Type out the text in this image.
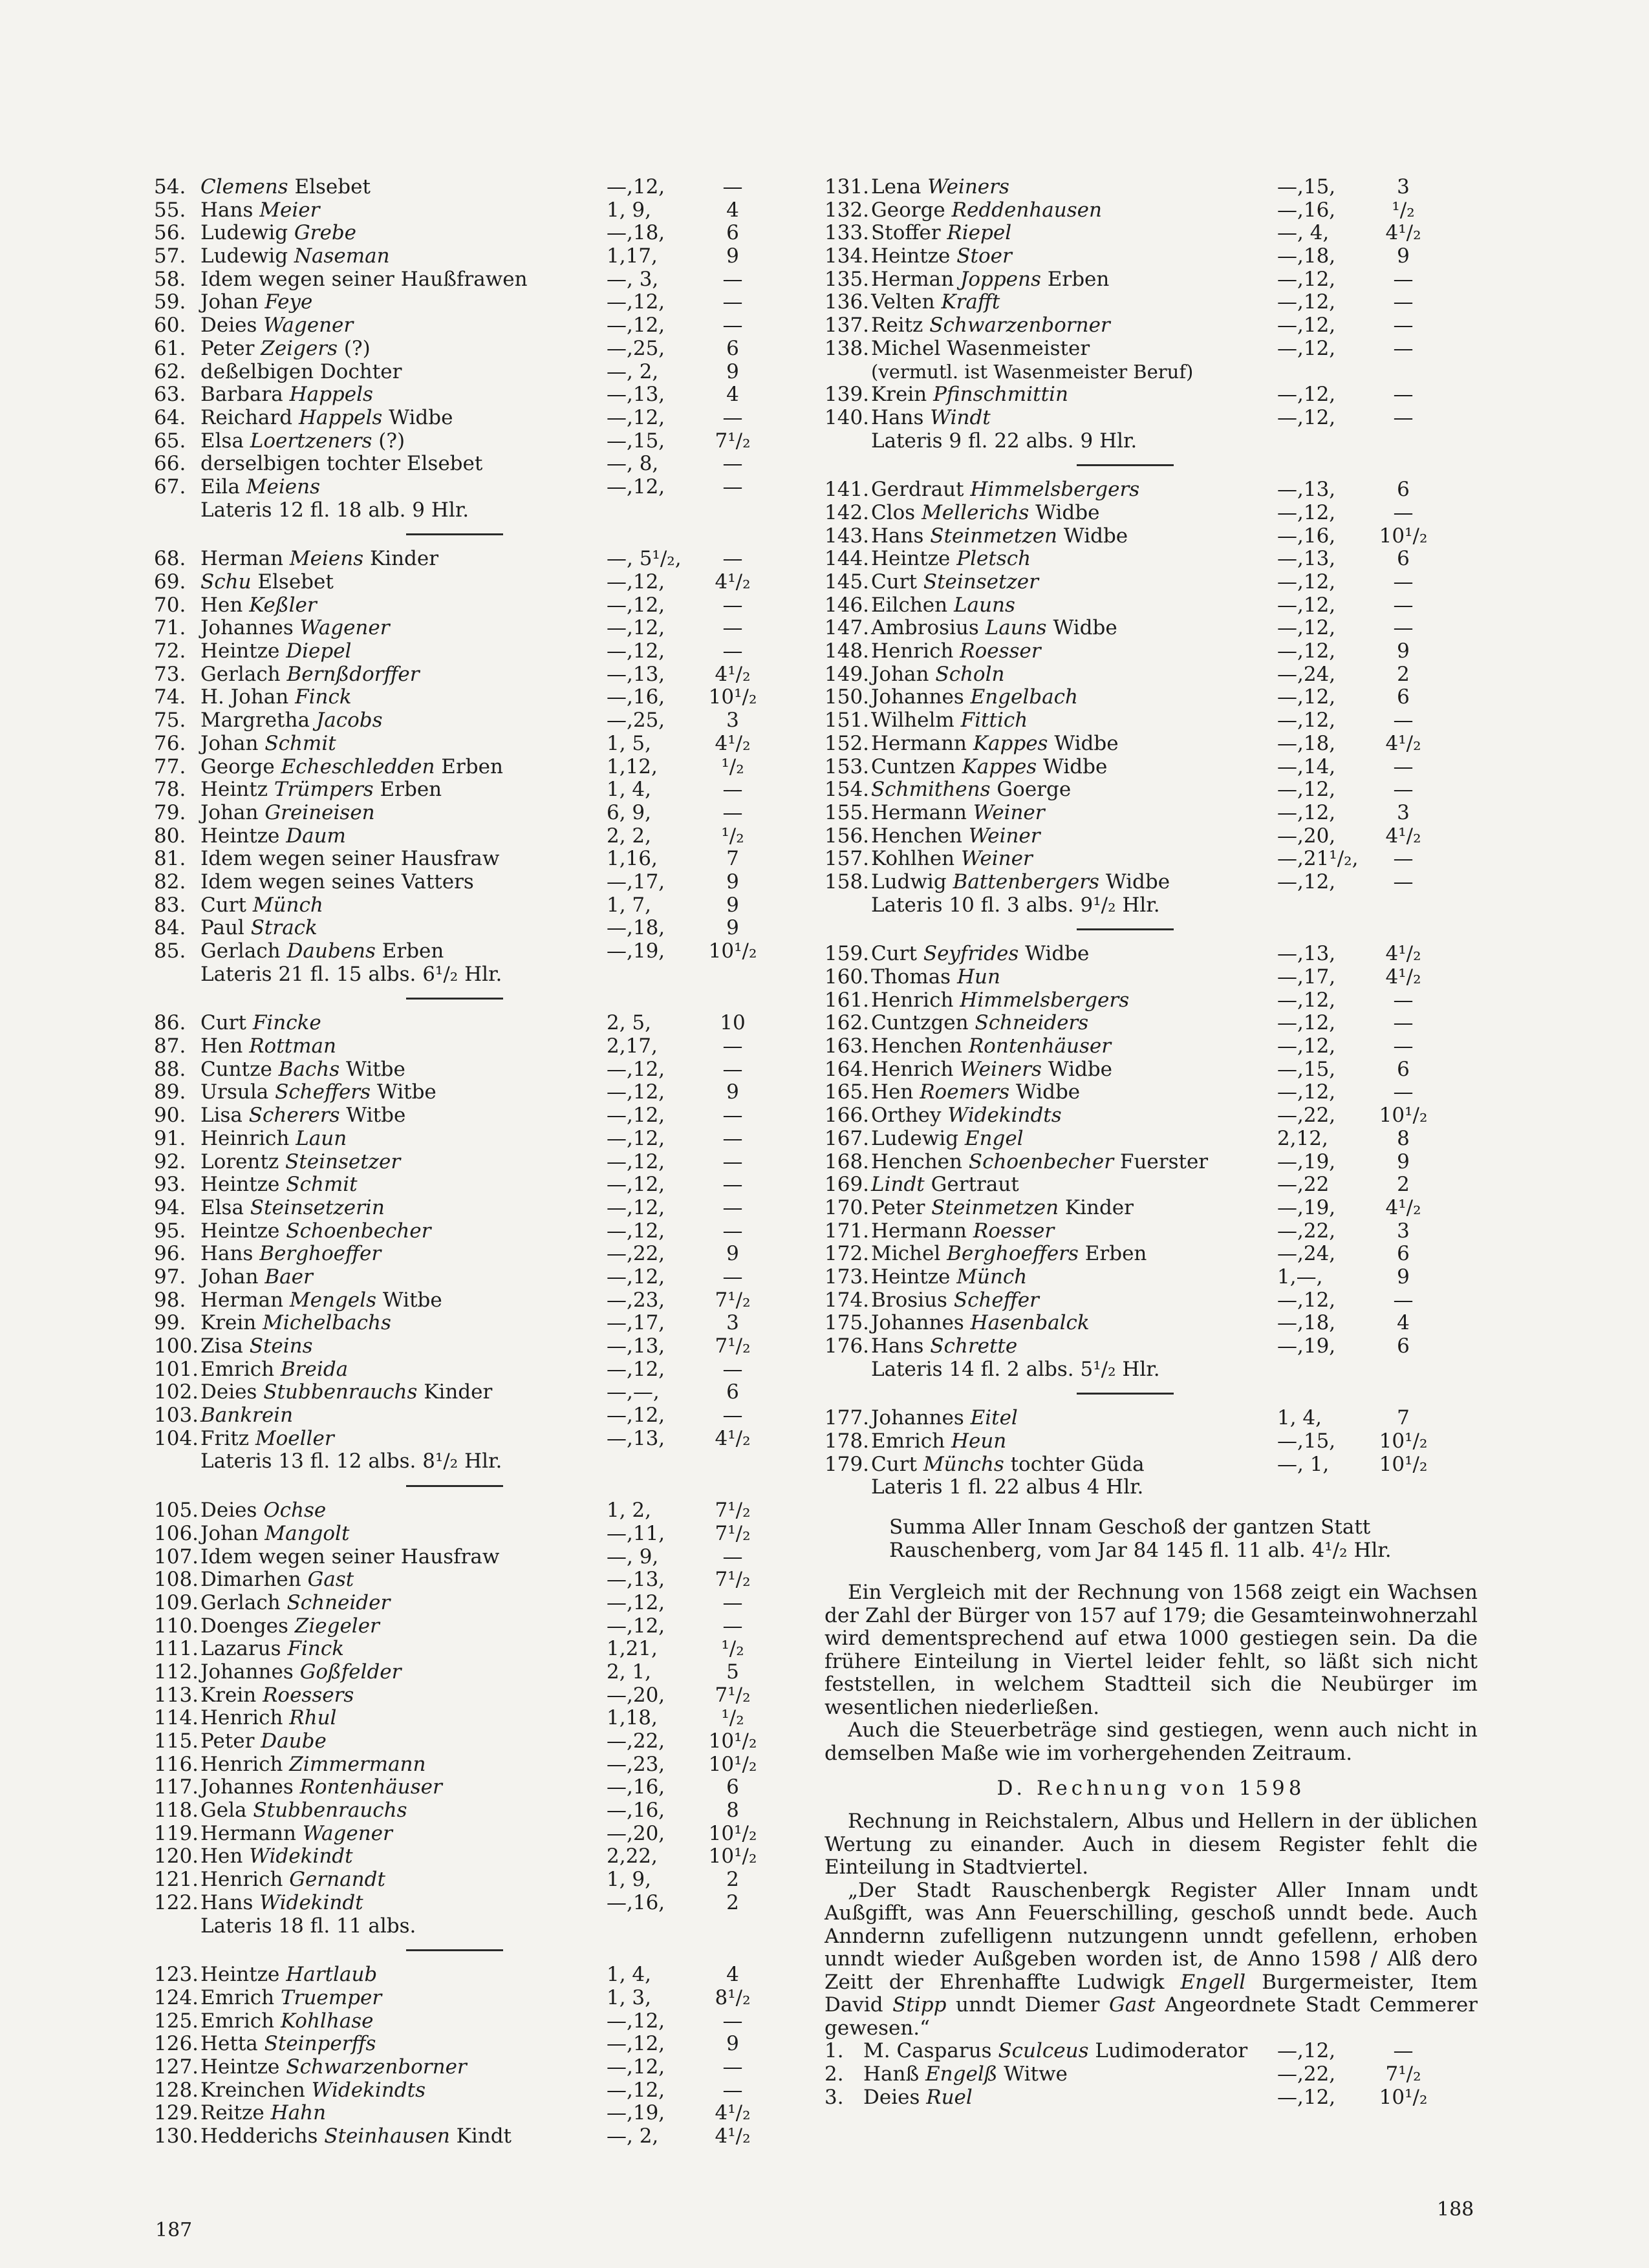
54. Clemens Elsebet	—,12,	—
55. Hans Meier	1, 9,	4
56. Ludewig Grebe	—,18,	6
57. Ludewig Naseman	1,17,	9
58. Idem wegen seiner Haußfrawen	—, 3,	—
59. Johan Feye	—,12,	—
60. Deies Wagener	—,12,	—
61. Peter Zeigers (?)	—,25,	6
62. deßelbigen Dochter	—, 2,	9
63. Barbara Happels	—,13,	4
64. Reichard Happels Widbe	—,12,	—
65. Elsa Loertzeners (?)	—,15,	7¹/₂
66. derselbigen tochter Elsebet	—, 8,	—
67. Eila Meiens	—,12,	—
Lateris 12 fl. 18 alb. 9 Hlr.
68. Herman Meiens Kinder	—, 5¹/₂,	—
69. Schu Elsebet	—,12,	4¹/₂
70. Hen Keßler	—,12,	—
71. Johannes Wagener	—,12,	—
72. Heintze Diepel	—,12,	—
73. Gerlach Bernßdorffer	—,13,	4¹/₂
74. H. Johan Finck	—,16,	10¹/₂
75. Margretha Jacobs	—,25,	3
76. Johan Schmit	1, 5,	4¹/₂
77. George Echeschledden Erben	1,12,	¹/₂
78. Heintz Trümpers Erben	1, 4,	—
79. Johan Greineisen	6, 9,	—
80. Heintze Daum	2, 2,	¹/₂
81. Idem wegen seiner Hausfraw	1,16,	7
82. Idem wegen seines Vatters	—,17,	9
83. Curt Münch	1, 7,	9
84. Paul Strack	—,18,	9
85. Gerlach Daubens Erben	—,19,	10¹/₂
Lateris 21 fl. 15 albs. 6¹/₂ Hlr.
86. Curt Fincke	2, 5,	10
87. Hen Rottman	2,17,	—
88. Cuntze Bachs Witbe	—,12,	—
89. Ursula Scheffers Witbe	—,12,	9
90. Lisa Scherers Witbe	—,12,	—
91. Heinrich Laun	—,12,	—
92. Lorentz Steinsetzer	—,12,	—
93. Heintze Schmit	—,12,	—
94. Elsa Steinsetzerin	—,12,	—
95. Heintze Schoenbecher	—,12,	—
96. Hans Berghoeffer	—,22,	9
97. Johan Baer	—,12,	—
98. Herman Mengels Witbe	—,23,	7¹/₂
99. Krein Michelbachs	—,17,	3
100. Zisa Steins	—,13,	7¹/₂
101. Emrich Breida	—,12,	—
102. Deies Stubbenrauchs Kinder	—,—,	6
103. Bankrein	—,12,	—
104. Fritz Moeller	—,13,	4¹/₂
Lateris 13 fl. 12 albs. 8¹/₂ Hlr.
105. Deies Ochse	1, 2,	7¹/₂
106. Johan Mangolt	—,11,	7¹/₂
107. Idem wegen seiner Hausfraw	—, 9,	—
108. Dimarhen Gast	—,13,	7¹/₂
109. Gerlach Schneider	—,12,	—
110. Doenges Ziegeler	—,12,	—
111. Lazarus Finck	1,21,	¹/₂
112. Johannes Goßfelder	2, 1,	5
113. Krein Roessers	—,20,	7¹/₂
114. Henrich Rhul	1,18,	¹/₂
115. Peter Daube	—,22,	10¹/₂
116. Henrich Zimmermann	—,23,	10¹/₂
117. Johannes Rontenhäuser	—,16,	6
118. Gela Stubbenrauchs	—,16,	8
119. Hermann Wagener	—,20,	10¹/₂
120. Hen Widekindt	2,22,	10¹/₂
121. Henrich Gernandt	1, 9,	2
122. Hans Widekindt	—,16,	2
Lateris 18 fl. 11 albs.
123. Heintze Hartlaub	1, 4,	4
124. Emrich Truemper	1, 3,	8¹/₂
125. Emrich Kohlhase	—,12,	—
126. Hetta Steinperffs	—,12,	9
127. Heintze Schwarzenborner	—,12,	—
128. Kreinchen Widekindts	—,12,	—
129. Reitze Hahn	—,19,	4¹/₂
130. Hedderichs Steinhausen Kindt	—, 2,	4¹/₂
131. Lena Weiners	—,15,	3
132. George Reddenhausen	—,16,	¹/₂
133. Stoffer Riepel	—, 4,	4¹/₂
134. Heintze Stoer	—,18,	9
135. Herman Joppens Erben	—,12,	—
136. Velten Krafft	—,12,	—
137. Reitz Schwarzenborner	—,12,	—
138. Michel Wasenmeister	—,12,	—
(vermutl. ist Wasenmeister Beruf)
139. Krein Pfinschmittin	—,12,	—
140. Hans Windt	—,12,	—
Lateris 9 fl. 22 albs. 9 Hlr.
141. Gerdraut Himmelsbergers	—,13,	6
142. Clos Mellerichs Widbe	—,12,	—
143. Hans Steinmetzen Widbe	—,16,	10¹/₂
144. Heintze Pletsch	—,13,	6
145. Curt Steinsetzer	—,12,	—
146. Eilchen Launs	—,12,	—
147. Ambrosius Launs Widbe	—,12,	—
148. Henrich Roesser	—,12,	9
149. Johan Scholn	—,24,	2
150. Johannes Engelbach	—,12,	6
151. Wilhelm Fittich	—,12,	—
152. Hermann Kappes Widbe	—,18,	4¹/₂
153. Cuntzen Kappes Widbe	—,14,	—
154. Schmithens Goerge	—,12,	—
155. Hermann Weiner	—,12,	3
156. Henchen Weiner	—,20,	4¹/₂
157. Kohlhen Weiner	—,21¹/₂,	—
158. Ludwig Battenbergers Widbe	—,12,	—
Lateris 10 fl. 3 albs. 9¹/₂ Hlr.
159. Curt Seyfrides Widbe	—,13,	4¹/₂
160. Thomas Hun	—,17,	4¹/₂
161. Henrich Himmelsbergers	—,12,	—
162. Cuntzgen Schneiders	—,12,	—
163. Henchen Rontenhäuser	—,12,	—
164. Henrich Weiners Widbe	—,15,	6
165. Hen Roemers Widbe	—,12,	—
166. Orthey Widekindts	—,22,	10¹/₂
167. Ludewig Engel	2,12,	8
168. Henchen Schoenbecher Fuerster	—,19,	9
169. Lindt Gertraut	—,22	2
170. Peter Steinmetzen Kinder	—,19,	4¹/₂
171. Hermann Roesser	—,22,	3
172. Michel Berghoeffers Erben	—,24,	6
173. Heintze Münch	1,—,	9
174. Brosius Scheffer	—,12,	—
175. Johannes Hasenbalck	—,18,	4
176. Hans Schrette	—,19,	6
Lateris 14 fl. 2 albs. 5¹/₂ Hlr.
177. Johannes Eitel	1, 4,	7
178. Emrich Heun	—,15,	10¹/₂
179. Curt Münchs tochter Güda	—, 1,	10¹/₂
Lateris 1 fl. 22 albus 4 Hlr.
Summa Aller Innam Geschoß der gantzen Statt
Rauschenberg, vom Jar 84 145 fl. 11 alb. 4¹/₂ Hlr.

Ein Vergleich mit der Rechnung von 1568 zeigt ein Wachsen der Zahl der Bürger von 157 auf 179; die Gesamteinwohnerzahl wird dementsprechend auf etwa 1000 gestiegen sein. Da die frühere Einteilung in Viertel leider fehlt, so läßt sich nicht feststellen, in welchem Stadtteil sich die Neubürger im wesentlichen niederließen.

Auch die Steuerbeträge sind gestiegen, wenn auch nicht in demselben Maße wie im vorhergehenden Zeitraum.

D. Rechnung von 1598

Rechnung in Reichstalern, Albus und Hellern in der üblichen Wertung zu einander. Auch in diesem Register fehlt die Einteilung in Stadtviertel.

„Der Stadt Rauschenbergk Register Aller Innam undt Außgifft, was Ann Feuerschilling, geschoß unndt bede. Auch Anndernn zufelligenn nutzungenn unndt gefellenn, erhoben unndt wieder Außgeben worden ist, de Anno 1598 / Alß dero Zeitt der Ehrenhaffte Ludwigk Engell Burgermeister, Item David Stipp unndt Diemer Gast Angeordnete Stadt Cemmerer gewesen.“

1. M. Casparus Sculceus Ludimoderator —,12,	—
2. Hanß Engelß Witwe	—,22,	7¹/₂
3. Deies Ruel	—,12,	10¹/₂
187
188
